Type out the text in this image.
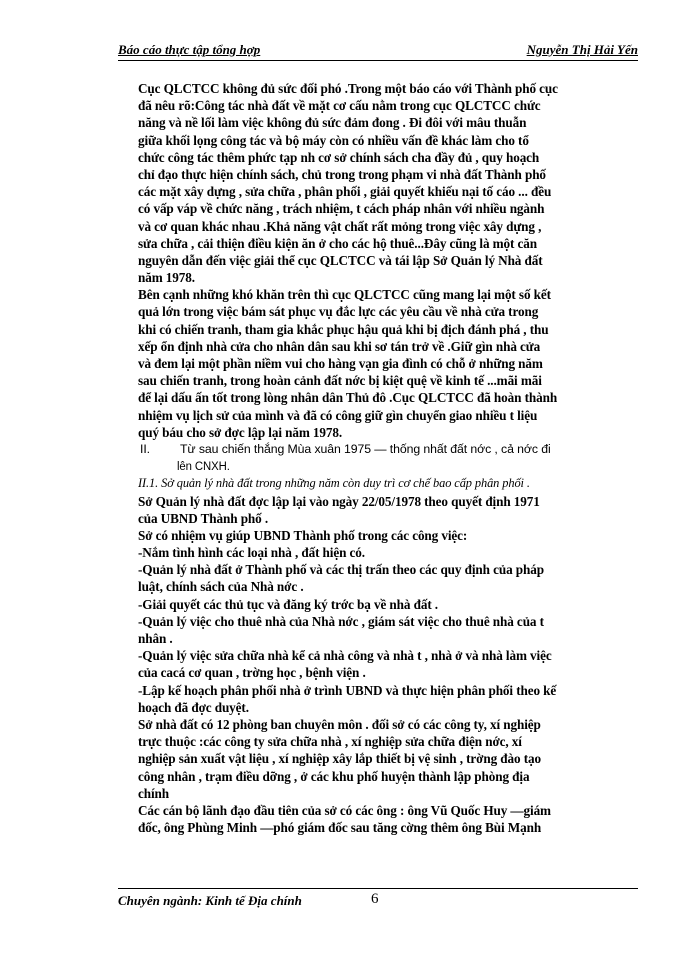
Báo cáo thực tập tổng hợp	Nguyễn Thị Hải Yến
Cục QLCTCC không đủ sức đối phó .Trong một báo cáo với Thành phố cục
đã nêu rõ:Công tác nhà đất về mặt cơ cấu nằm trong cục QLCTCC chức
năng và nề lối làm việc không đủ sức đảm đong . Đi đôi với mâu thuẫn
giữa khối lọng công tác và bộ máy còn có nhiều vấn đề khác làm cho tổ
chức công tác thêm phức tạp nh cơ sở chính sách cha đầy đủ , quy hoạch
chỉ đạo thực hiện chính sách, chủ trong trong phạm vi nhà đất Thành phố
các mặt xây dựng , sửa chữa , phân phối , giải quyết khiếu nại tố cáo ... đều
có vấp váp về chức năng , trách nhiệm, t cách pháp nhân với nhiều ngành
và cơ quan khác nhau .Khả năng vật chất rất mỏng trong việc xây dựng ,
sửa chữa , cải thiện điều kiện ăn ở cho các hộ thuê...Đây cũng là một căn
nguyên dẫn đến việc giải thể cục QLCTCC và tái lập Sở Quản lý Nhà đất
năm 1978.
Bên cạnh những khó khăn trên thì cục QLCTCC cũng mang lại một số kết
quả lớn trong việc bám sát phục vụ đắc lực các yêu cầu về nhà cửa trong
khi có chiến tranh, tham gia khắc phục hậu quả khi bị địch đánh phá , thu
xếp ổn định nhà cửa cho nhân dân sau khi sơ tán trở về .Giữ gìn nhà cửa
và đem lại một phần niềm vui cho hàng vạn gia đình có chỗ ở những năm
sau chiến tranh, trong hoàn cảnh đất nớc bị kiệt quệ về kinh tế ...mãi mãi
để lại dấu ấn tốt trong lòng nhân dân Thủ đô .Cục QLCTCC đã hoàn thành
nhiệm vụ lịch sử của mình và đã có công giữ gìn chuyển giao nhiều t liệu
quý báu cho sở đợc lập lại năm 1978.
II. Từ sau chiến thắng Mùa xuân 1975 — thống nhất đất nớc , cả nớc đi
lên CNXH.
II.1. Sở quản lý nhà đất trong những năm còn duy trì cơ chế bao cấp phân phối .
Sở Quản lý nhà đất đợc lập lại vào ngày 22/05/1978 theo quyết định 1971
của UBND Thành phố .
Sở có nhiệm vụ giúp UBND Thành phố trong các công việc:
-Nắm tình hình các loại nhà , đất hiện có.
-Quản lý nhà đất ở Thành phố và các thị trấn theo các quy định của pháp
luật, chính sách của Nhà nớc .
-Giải quyết các thủ tục và đăng ký trớc bạ về nhà đất .
-Quản lý việc cho thuê nhà của Nhà nớc , giám sát việc cho thuê nhà của t
nhân .
-Quản lý việc sửa chữa nhà kể cả nhà công và nhà t , nhà ở và nhà làm việc
của cacá cơ quan , trờng học , bệnh viện .
-Lập kế hoạch phân phối nhà ở trình UBND và thực hiện phân phối theo kế
hoạch đã đợc duyệt.
Sở nhà đất có 12 phòng ban chuyên môn . đối sở có các công ty, xí nghiệp
trực thuộc :các công ty sửa chữa nhà , xí nghiệp sửa chữa điện nớc, xí
nghiệp sản xuất vật liệu , xí nghiệp xây lắp thiết bị vệ sinh , trờng đào tạo
công nhân , trạm điều dỡng , ở các khu phố huyện thành lập phòng địa
chính
Các cán bộ lãnh đạo đầu tiên của sở có các ông : ông Vũ Quốc Huy —giám
đốc, ông Phùng Minh —phó giám đốc sau tăng cờng thêm ông Bùi Mạnh
Chuyên ngành: Kinh tế Địa chính	6
